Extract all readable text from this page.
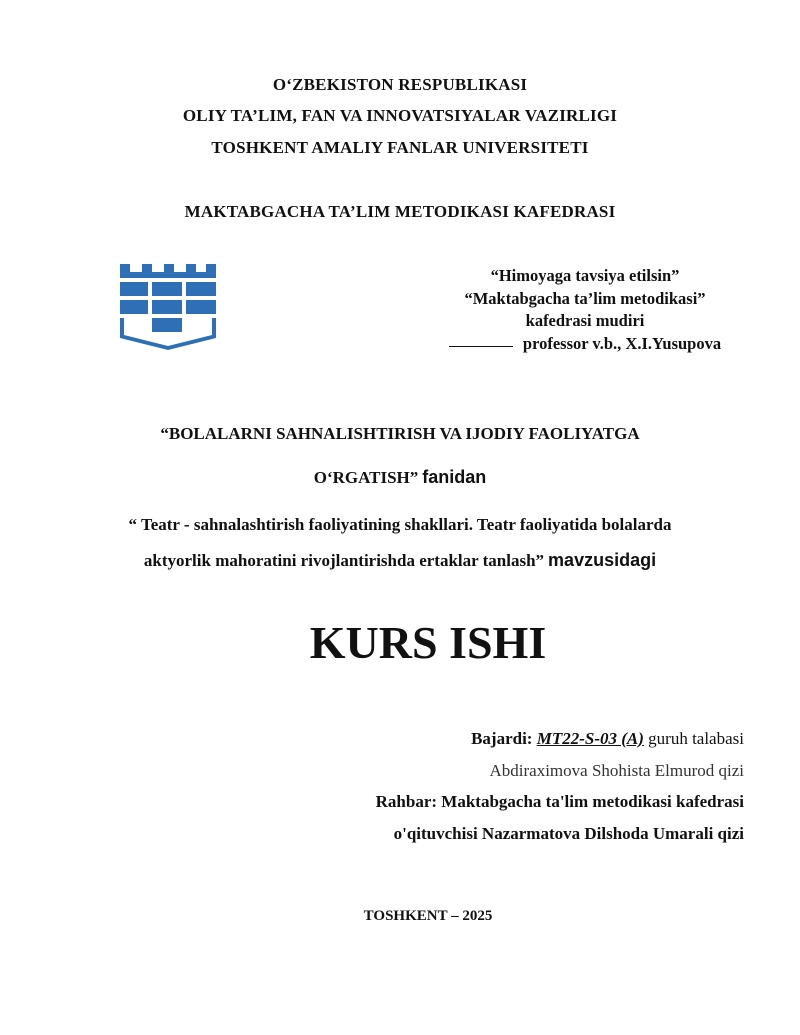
O‘ZBEKISTON RESPUBLIKASI
OLIY TA’LIM, FAN VA INNOVATSIYALAR VAZIRLIGI
TOSHKENT AMALIY FANLAR UNIVERSITETI
MAKTABGACHA TA’LIM METODIKASI KAFEDRASI
“Himoyaga tavsiya etilsin”
“Maktabgacha ta’lim metodikasi”
kafedrasi mudiri
professor v.b., X.I.Yusupova
“BOLALARNI SAHNALISHTIRISH VA IJODIY FAOLIYATGA
O‘RGATISH” fanidan
“ Teatr - sahnalashtirish faoliyatining shakllari. Teatr faoliyatida bolalarda
aktyorlik mahoratini rivojlantirishda ertaklar tanlash” mavzusidagi
KURS ISHI
Bajardi: MT22-S-03 (A) guruh talabasi
Abdiraximova Shohista Elmurod qizi
Rahbar: Maktabgacha ta'lim metodikasi kafedrasi
o'qituvchisi Nazarmatova Dilshoda Umarali qizi
TOSHKENT – 2025
